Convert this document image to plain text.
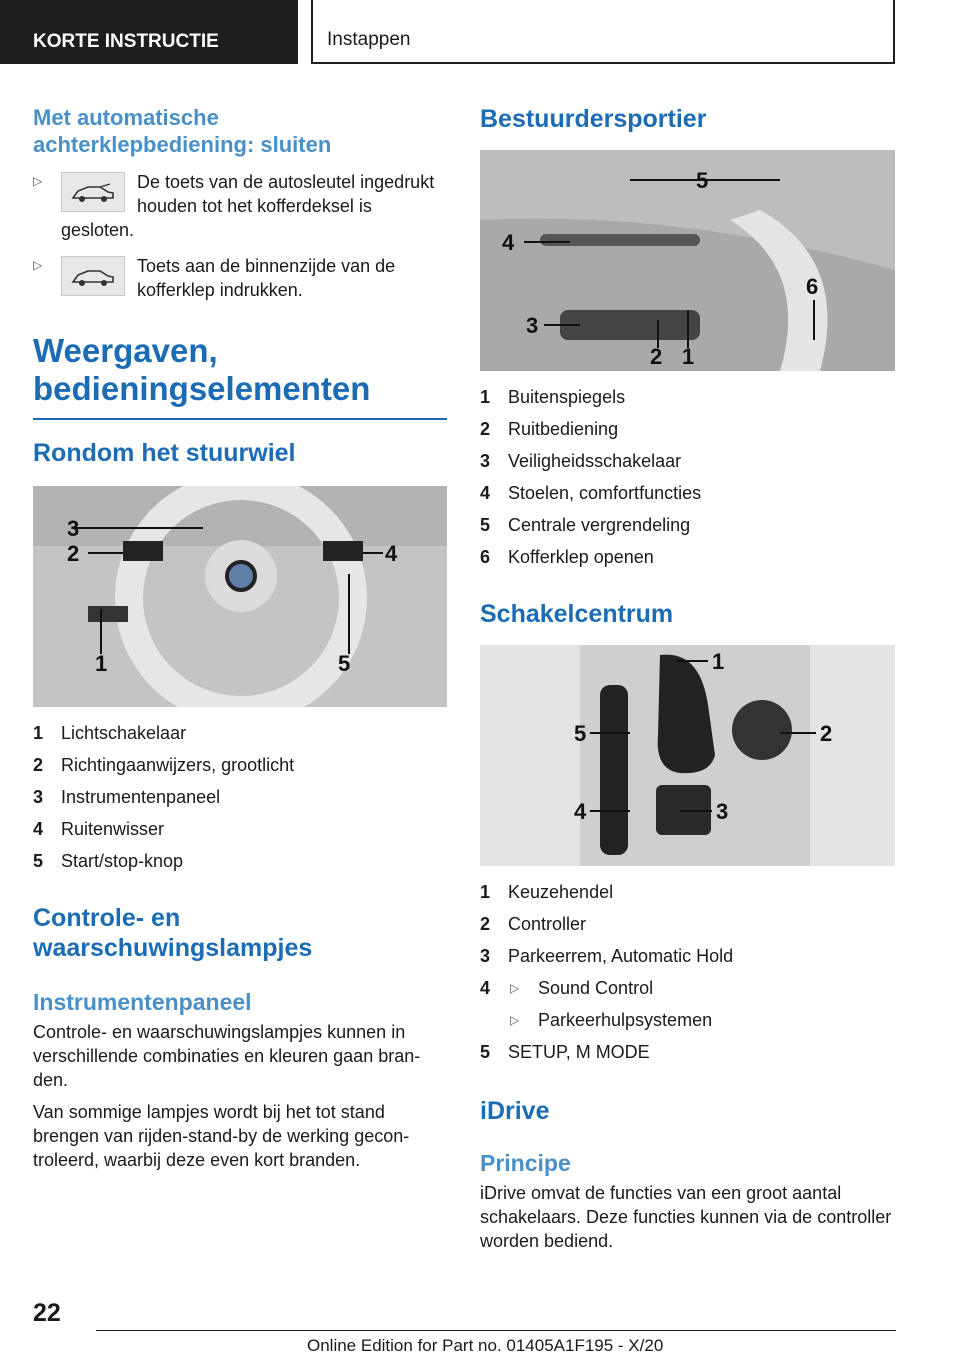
KORTE INSTRUCTIE	Instappen

Met automatische achterklepbediening: sluiten

▷	De toets van de autosleutel ingedrukt houden tot het kofferdeksel is gesloten.

▷	Toets aan de binnenzijde van de kofferklep indrukken.

Weergaven, bedieningselementen

Rondom het stuurwiel

3
2	4
1	5
1 Lichtschakelaar
2 Richtingaanwijzers, grootlicht
3 Instrumentenpaneel
4 Ruitenwisser
5 Start/stop-knop

Controle- en waarschuwingslampjes

Instrumentenpaneel

Controle- en waarschuwingslampjes kunnen in verschillende combinaties en kleuren gaan branden.

Van sommige lampjes wordt bij het tot stand brengen van rijden-stand-by de werking gecontroleerd, waarbij deze even kort branden.

Bestuurdersportier

5
4
6
3
2 1
1 Buitenspiegels
2 Ruitbediening
3 Veiligheidsschakelaar
4 Stoelen, comfortfuncties
5 Centrale vergrendeling
6 Kofferklep openen

Schakelcentrum

1
2
5
4	3
1 Keuzehendel
2 Controller
3 Parkeerrem, Automatic Hold
4 ▷ Sound Control
▷ Parkeerhulpsystemen
5 SETUP, M MODE

iDrive

Principe

iDrive omvat de functies van een groot aantal schakelaars. Deze functies kunnen via de controller worden bediend.

22
Online Edition for Part no. 01405A1F195 - X/20
